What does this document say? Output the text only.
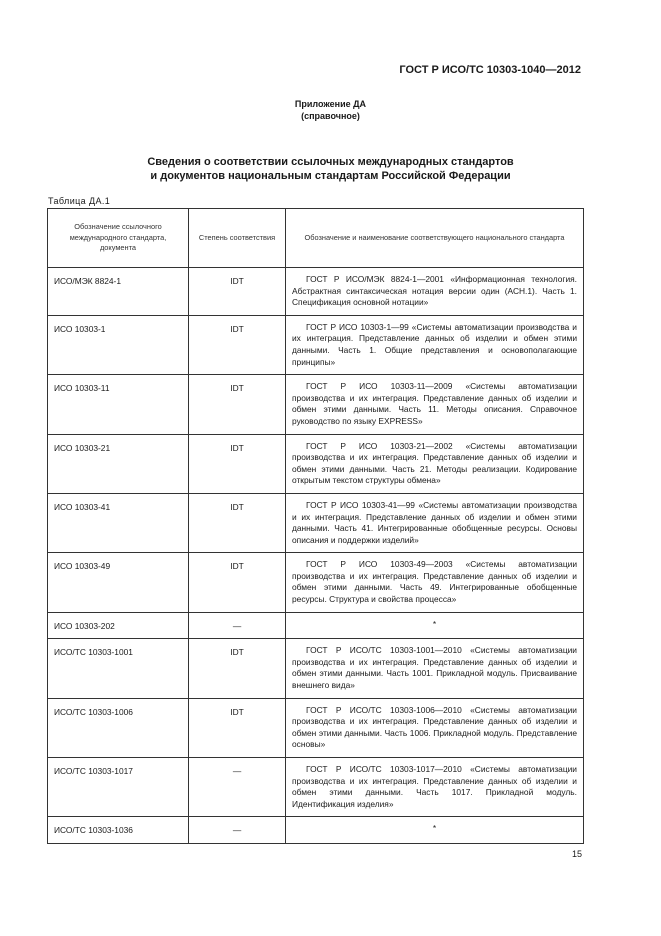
ГОСТ Р ИСО/ТС 10303-1040—2012
Приложение ДА
(справочное)
Сведения о соответствии ссылочных международных стандартов
и документов национальным стандартам Российской Федерации
Таблица ДА.1
Обозначение ссылочного международного стандарта, документа	Степень соответствия	Обозначение и наименование соответствующего национального стандарта
ИСО/МЭК 8824-1	IDT	ГОСТ Р ИСО/МЭК 8824-1—2001 «Информационная технология. Абстрактная синтаксическая нотация версии один (АСН.1). Часть 1. Спецификация основной нотации»

ИСО 10303-1	IDT	ГОСТ Р ИСО 10303-1—99 «Системы автоматизации производства и их интеграция. Представление данных об изделии и обмен этими данными. Часть 1. Общие представления и основополагающие принципы»

ИСО 10303-11	IDT	ГОСТ Р ИСО 10303-11—2009 «Системы автоматизации производства и их интеграция. Представление данных об изделии и обмен этими данными. Часть 11. Методы описания. Справочное руководство по языку EXPRESS»

ИСО 10303-21	IDT	ГОСТ Р ИСО 10303-21—2002 «Системы автоматизации производства и их интеграция. Представление данных об изделии и обмен этими данными. Часть 21. Методы реализации. Кодирование открытым текстом структуры обмена»

ИСО 10303-41	IDT	ГОСТ Р ИСО 10303-41—99 «Системы автоматизации производства и их интеграция. Представление данных об изделии и обмен этими данными. Часть 41. Интегрированные обобщенные ресурсы. Основы описания и поддержки изделий»

ИСО 10303-49	IDT	ГОСТ Р ИСО 10303-49—2003 «Системы автоматизации производства и их интеграция. Представление данных об изделии и обмен этими данными. Часть 49. Интегрированные обобщенные ресурсы. Структура и свойства процесса»

ИСО 10303-202	—	*
ИСО/ТС 10303-1001	IDT	ГОСТ Р ИСО/ТС 10303-1001—2010 «Системы автоматизации производства и их интеграция. Представление данных об изделии и обмен этими данными. Часть 1001. Прикладной модуль. Присваивание внешнего вида»

ИСО/ТС 10303-1006	IDT	ГОСТ Р ИСО/ТС 10303-1006—2010 «Системы автоматизации производства и их интеграция. Представление данных об изделии и обмен этими данными. Часть 1006. Прикладной модуль. Представление основы»

ИСО/ТС 10303-1017	—	ГОСТ Р ИСО/ТС 10303-1017—2010 «Системы автоматизации производства и их интеграция. Представление данных об изделии и обмен этими данными. Часть 1017. Прикладной модуль. Идентификация изделия»

ИСО/ТС 10303-1036	—	*
15
